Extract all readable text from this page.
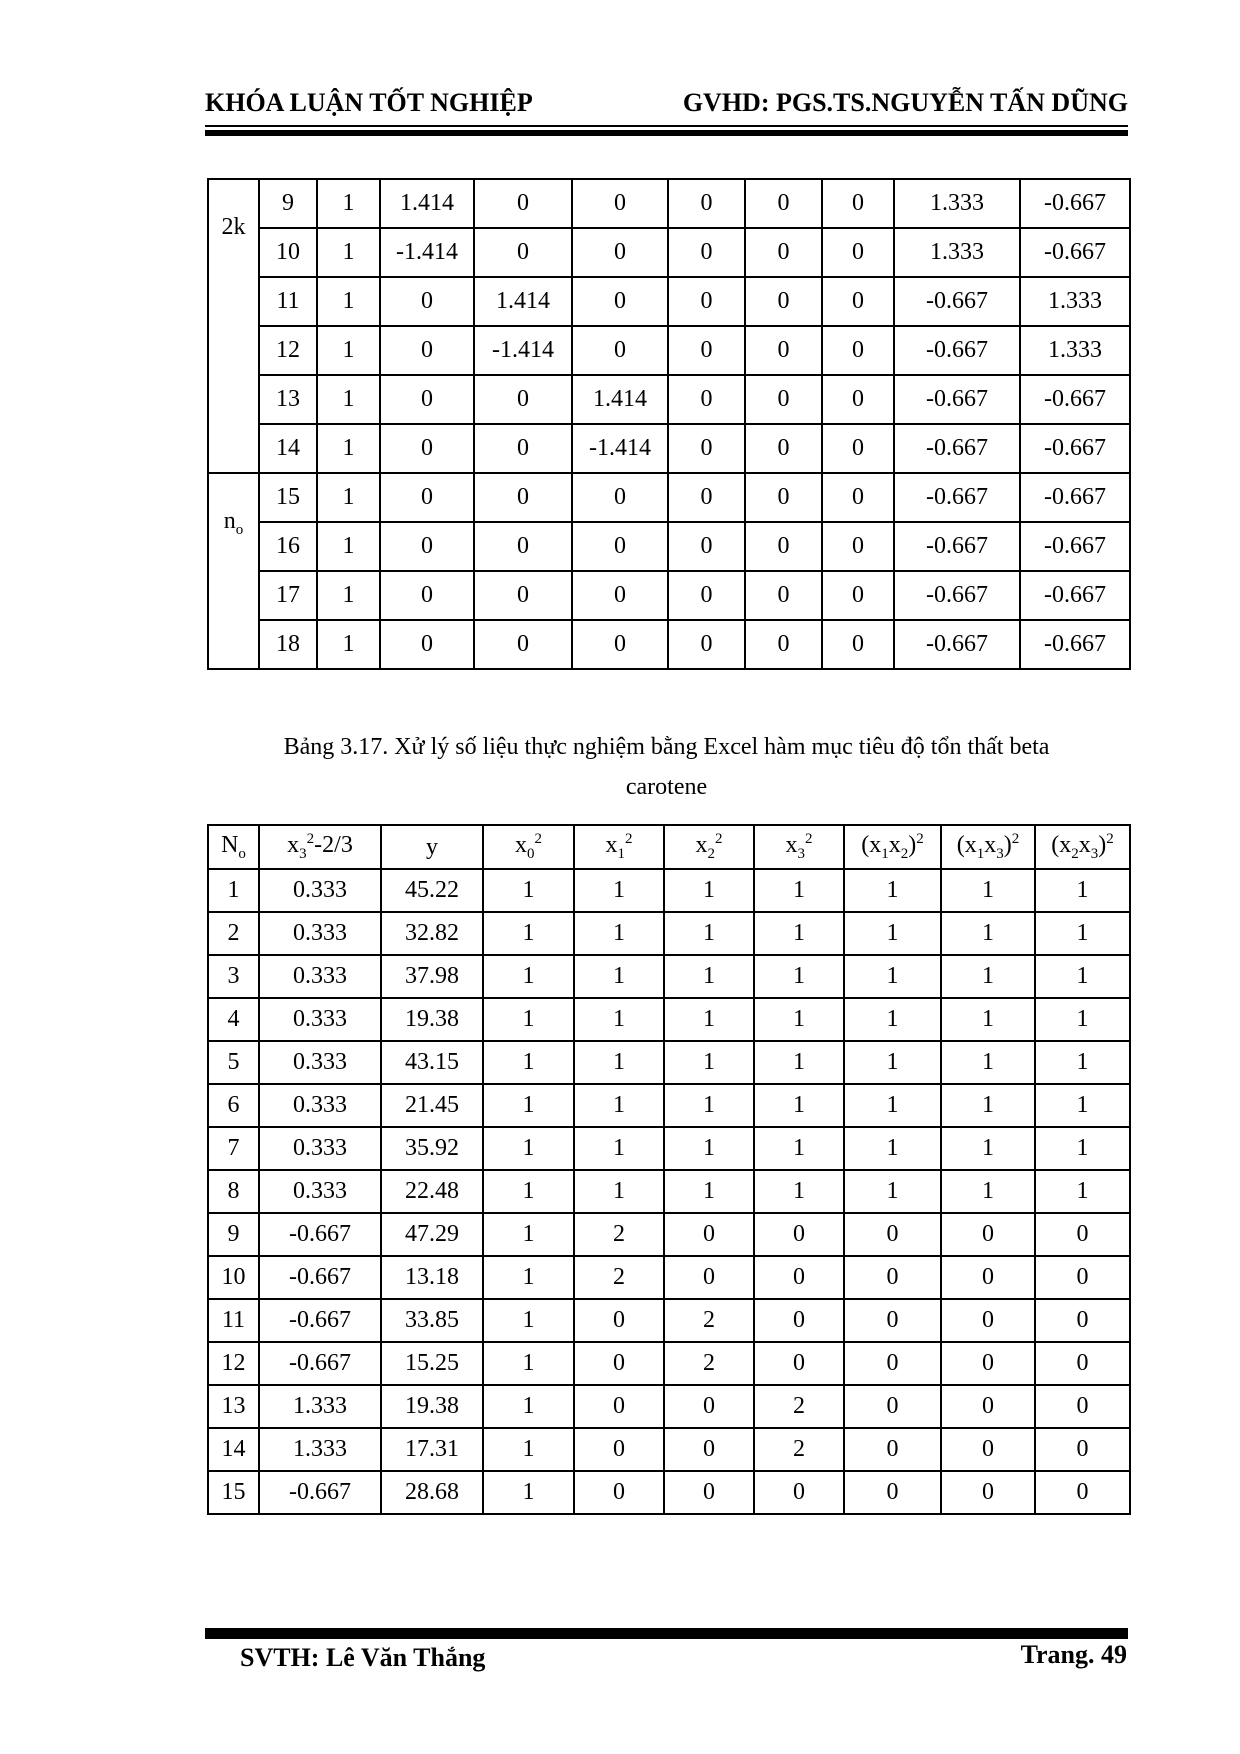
KHÓA LUẬN TỐT NGHIỆP	GVHD: PGS.TS.NGUYỄN TẤN DŨNG
2k	9	1	1.414	0	0	0	0	0	1.333	-0.667
	10	1	-1.414	0	0	0	0	0	1.333	-0.667
	11	1	0	1.414	0	0	0	0	-0.667	1.333
	12	1	0	-1.414	0	0	0	0	-0.667	1.333
	13	1	0	0	1.414	0	0	0	-0.667	-0.667
	14	1	0	0	-1.414	0	0	0	-0.667	-0.667
$n_o$	15	1	0	0	0	0	0	0	-0.667	-0.667
	16	1	0	0	0	0	0	0	-0.667	-0.667
	17	1	0	0	0	0	0	0	-0.667	-0.667
	18	1	0	0	0	0	0	0	-0.667	-0.667
Bảng 3.17. Xử lý số liệu thực nghiệm bằng Excel hàm mục tiêu độ tổn thất beta
carotene
$N_o$	$x_3^2-2/3$	y	$x_0^2$	$x_1^2$	$x_2^2$	$x_3^2$	$(x_1x_2)^2$	$(x_1x_3)^2$	$(x_2x_3)^2$
1	0.333	45.22	1	1	1	1	1	1	1
2	0.333	32.82	1	1	1	1	1	1	1
3	0.333	37.98	1	1	1	1	1	1	1
4	0.333	19.38	1	1	1	1	1	1	1
5	0.333	43.15	1	1	1	1	1	1	1
6	0.333	21.45	1	1	1	1	1	1	1
7	0.333	35.92	1	1	1	1	1	1	1
8	0.333	22.48	1	1	1	1	1	1	1
9	-0.667	47.29	1	2	0	0	0	0	0
10	-0.667	13.18	1	2	0	0	0	0	0
11	-0.667	33.85	1	0	2	0	0	0	0
12	-0.667	15.25	1	0	2	0	0	0	0
13	1.333	19.38	1	0	0	2	0	0	0
14	1.333	17.31	1	0	0	2	0	0	0
15	-0.667	28.68	1	0	0	0	0	0	0
SVTH: Lê Văn Thắng	Trang. 49
